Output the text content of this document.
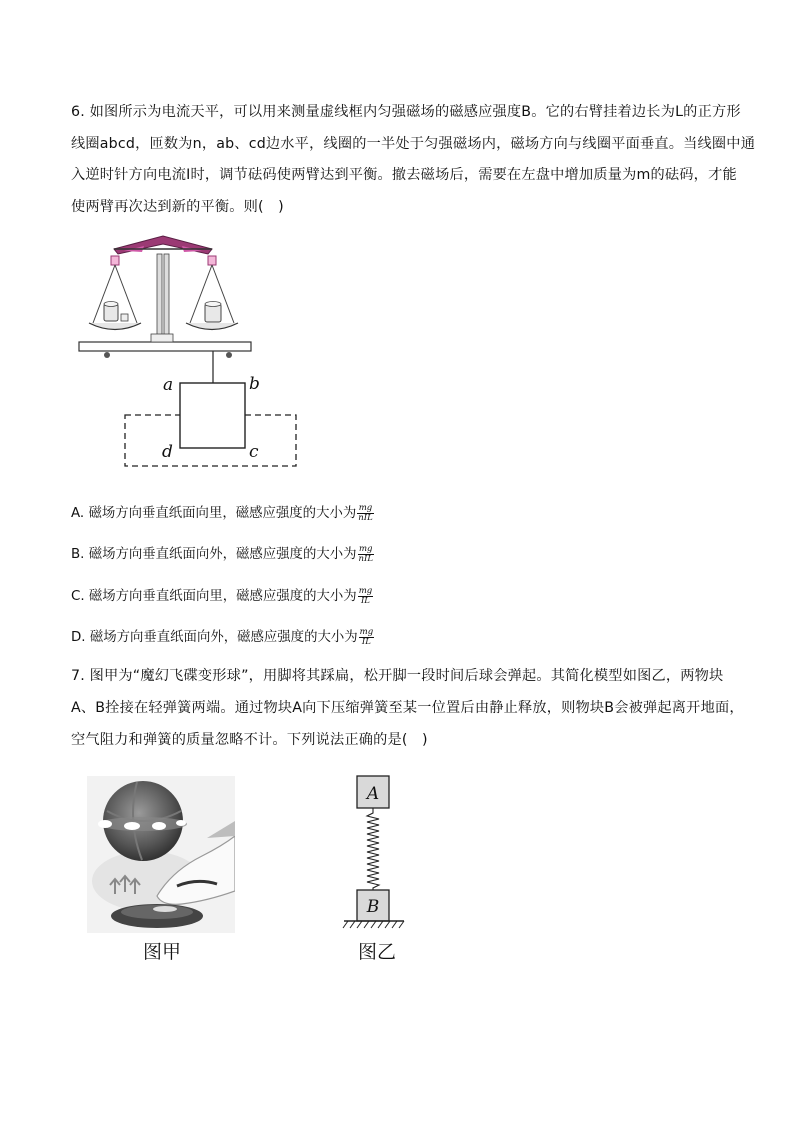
6. 如图所示为电流天平，可以用来测量虚线框内匀强磁场的磁感应强度B。它的右臂挂着边长为L的正方形
线圈abcd，匝数为n，ab、cd边水平，线圈的一半处于匀强磁场内，磁场方向与线圈平面垂直。当线圈中通
入逆时针方向电流I时，调节砝码使两臂达到平衡。撤去磁场后，需要在左盘中增加质量为m的砝码，才能
使两臂再次达到新的平衡。则(　)
a	b
d	c
A. 磁场方向垂直纸面向里，磁感应强度的大小为 $\frac{mg}{\text{nIL}}$
B. 磁场方向垂直纸面向外，磁感应强度的大小为 $\frac{mg}{\text{nIL}}$
C. 磁场方向垂直纸面向里，磁感应强度的大小为 $\frac{mg}{IL}$
D. 磁场方向垂直纸面向外，磁感应强度的大小为 $\frac{mg}{IL}$
7. 图甲为“魔幻飞碟变形球”，用脚将其踩扁，松开脚一段时间后球会弹起。其简化模型如图乙，两物块
A、B拴接在轻弹簧两端。通过物块A向下压缩弹簧至某一位置后由静止释放，则物块B会被弹起离开地面，
空气阻力和弹簧的质量忽略不计。下列说法正确的是(　)
A
B
图甲	图乙
